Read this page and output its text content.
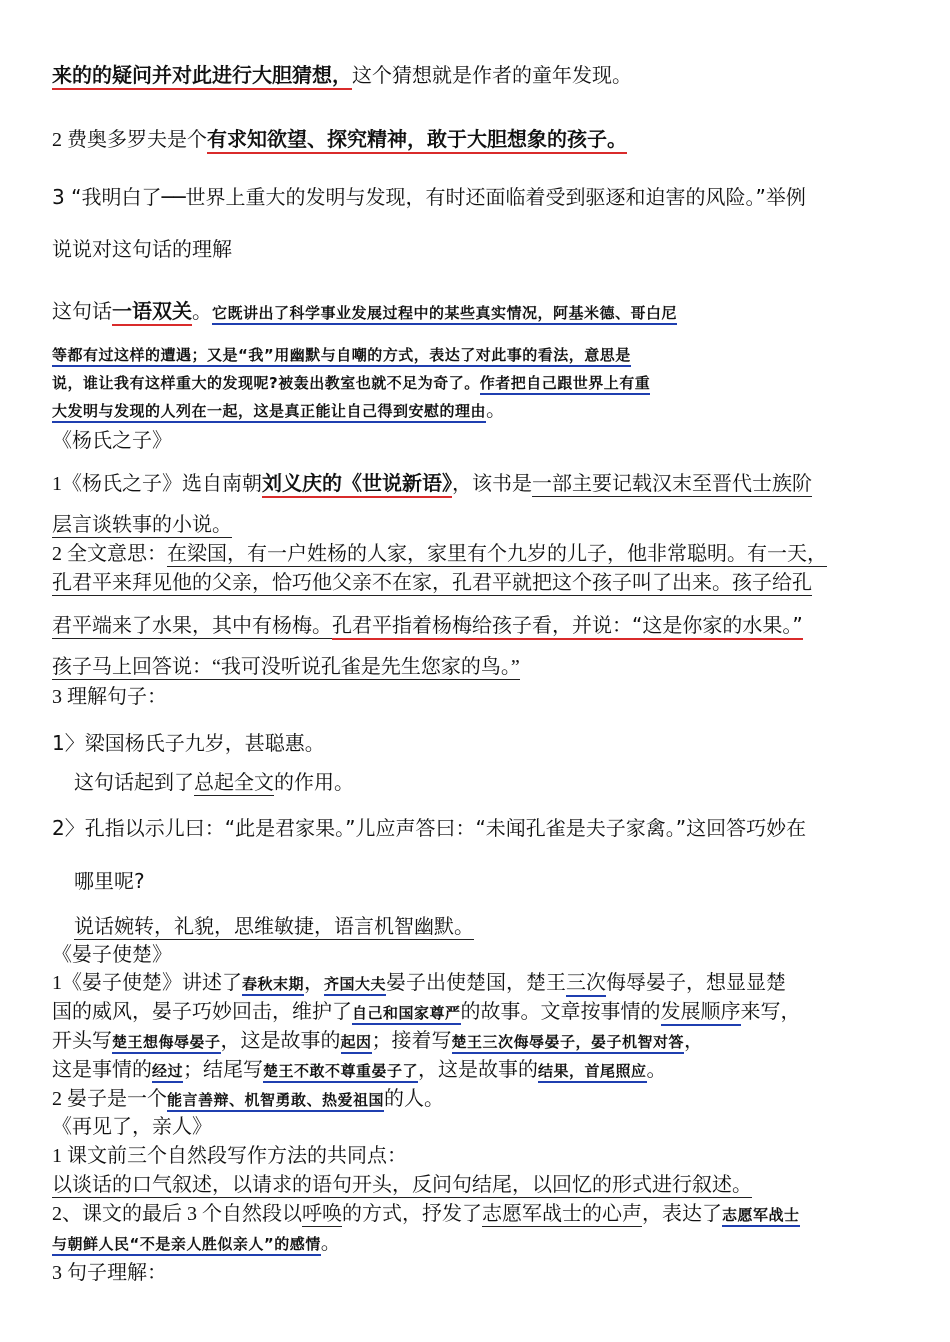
来的的疑问并对此进行大胆猜想，这个猜想就是作者的童年发现。
2 费奥多罗夫是个有求知欲望、探究精神，敢于大胆想象的孩子。
3 “我明白了──世界上重大的发明与发现，有时还面临着受到驱逐和迫害的风险。”举例
说说对这句话的理解
这句话一语双关。它既讲出了科学事业发展过程中的某些真实情况，阿基米德、哥白尼
等都有过这样的遭遇；又是“我”用幽默与自嘲的方式，表达了对此事的看法，意思是
说，谁让我有这样重大的发现呢?被轰出教室也就不足为奇了。作者把自己跟世界上有重
大发明与发现的人列在一起，这是真正能让自己得到安慰的理由。
《杨氏之子》
1《杨氏之子》选自南朝刘义庆的《世说新语》，该书是一部主要记载汉末至晋代士族阶
层言谈轶事的小说。
2 全文意思：在梁国，有一户姓杨的人家，家里有个九岁的儿子，他非常聪明。有一天，
孔君平来拜见他的父亲，恰巧他父亲不在家，孔君平就把这个孩子叫了出来。孩子给孔
君平端来了水果，其中有杨梅。孔君平指着杨梅给孩子看，并说：“这是你家的水果。”
孩子马上回答说：“我可没听说孔雀是先生您家的鸟。”
3 理解句子：
1〉梁国杨氏子九岁，甚聪惠。
这句话起到了总起全文的作用。
2〉孔指以示儿曰：“此是君家果。”儿应声答曰：“未闻孔雀是夫子家禽。”这回答巧妙在
哪里呢?
说话婉转，礼貌，思维敏捷，语言机智幽默。
《晏子使楚》
1《晏子使楚》讲述了春秋末期，齐国大夫晏子出使楚国，楚王三次侮辱晏子，想显显楚
国的威风，晏子巧妙回击，维护了自己和国家尊严的故事。文章按事情的发展顺序来写，
开头写楚王想侮辱晏子，这是故事的起因；接着写楚王三次侮辱晏子，晏子机智对答，
这是事情的经过；结尾写楚王不敢不尊重晏子了，这是故事的结果，首尾照应。
2 晏子是一个能言善辩、机智勇敢、热爱祖国的人。
《再见了，亲人》
1 课文前三个自然段写作方法的共同点：
以谈话的口气叙述，以请求的语句开头，反问句结尾，以回忆的形式进行叙述。
2、课文的最后 3 个自然段以呼唤的方式，抒发了志愿军战士的心声，表达了志愿军战士
与朝鲜人民“不是亲人胜似亲人”的感情。
3 句子理解：
